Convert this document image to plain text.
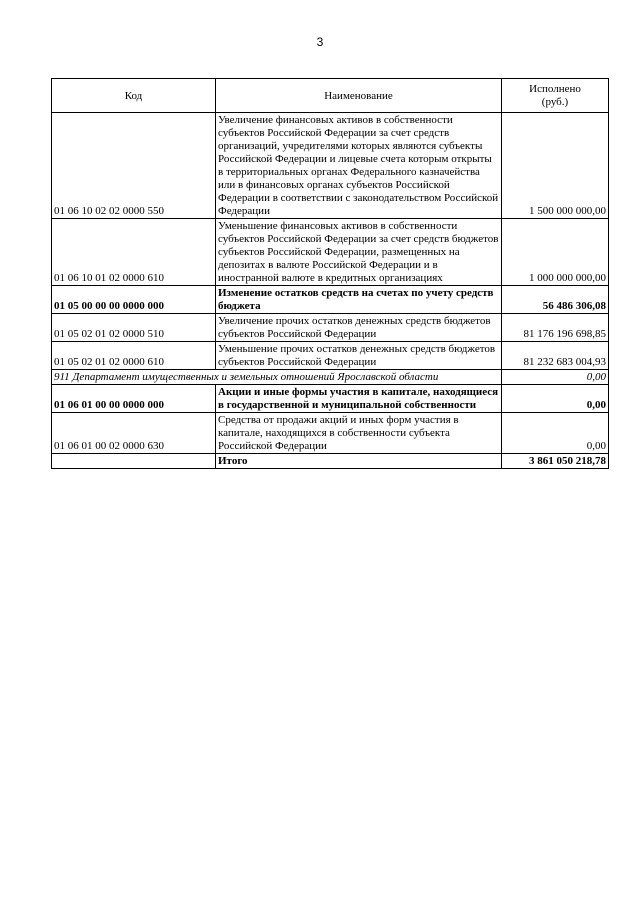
3
Код	Наименование	Исполнено
(руб.)
01 06 10 02 02 0000 550	Увеличение финансовых активов в собственности субъектов Российской Федерации за счет средств организаций, учредителями которых являются субъекты Российской Федерации и лицевые счета которым открыты в территориальных органах Федерального казначейства или в финансовых органах субъектов Российской Федерации в соответствии с законодательством Российской Федерации	1 500 000 000,00
01 06 10 01 02 0000 610	Уменьшение финансовых активов в собственности субъектов Российской Федерации за счет средств бюджетов субъектов Российской Федерации, размещенных на депозитах в валюте Российской Федерации и в иностранной валюте в кредитных организациях	1 000 000 000,00
01 05 00 00 00 0000 000	Изменение остатков средств на счетах по учету средств бюджета	56 486 306,08
01 05 02 01 02 0000 510	Увеличение прочих остатков денежных средств бюджетов субъектов Российской Федерации	81 176 196 698,85
01 05 02 01 02 0000 610	Уменьшение прочих остатков денежных средств бюджетов субъектов Российской Федерации	81 232 683 004,93
911 Департамент имущественных и земельных отношений Ярославской области		0,00
01 06 01 00 00 0000 000	Акции и иные формы участия в капитале, находящиеся в государственной и муниципальной собственности	0,00
01 06 01 00 02 0000 630	Средства от продажи акций и иных форм участия в капитале, находящихся в собственности субъекта Российской Федерации	0,00
	Итого	3 861 050 218,78
